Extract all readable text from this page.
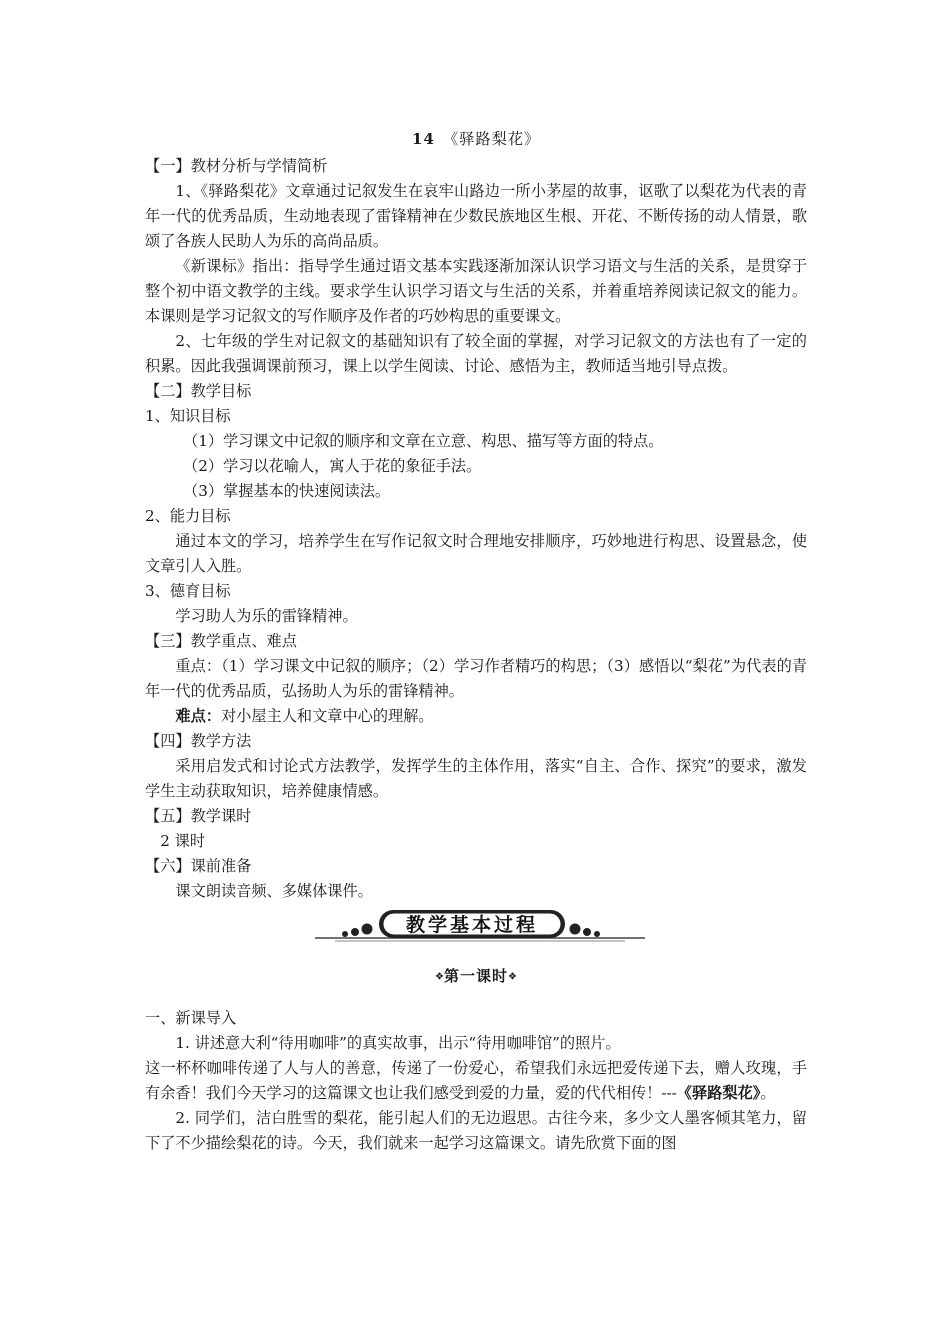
14 《驿路梨花》

【一】教材分析与学情简析

1、《驿路梨花》文章通过记叙发生在哀牢山路边一所小茅屋的故事，讴歌了以梨花为代表的青年一代的优秀品质，生动地表现了雷锋精神在少数民族地区生根、开花、不断传扬的动人情景，歌颂了各族人民助人为乐的高尚品质。

《新课标》指出：指导学生通过语文基本实践逐渐加深认识学习语文与生活的关系，是贯穿于整个初中语文教学的主线。要求学生认识学习语文与生活的关系，并着重培养阅读记叙文的能力。本课则是学习记叙文的写作顺序及作者的巧妙构思的重要课文。

2、七年级的学生对记叙文的基础知识有了较全面的掌握，对学习记叙文的方法也有了一定的积累。因此我强调课前预习，课上以学生阅读、讨论、感悟为主，教师适当地引导点拨。

【二】教学目标

1、知识目标

（1）学习课文中记叙的顺序和文章在立意、构思、描写等方面的特点。

（2）学习以花喻人，寓人于花的象征手法。

（3）掌握基本的快速阅读法。

2、能力目标

通过本文的学习，培养学生在写作记叙文时合理地安排顺序，巧妙地进行构思、设置悬念，使文章引人入胜。

3、德育目标

学习助人为乐的雷锋精神。

【三】教学重点、难点

重点：（1）学习课文中记叙的顺序；（2）学习作者精巧的构思；（3）感悟以“梨花”为代表的青年一代的优秀品质，弘扬助人为乐的雷锋精神。

难点：对小屋主人和文章中心的理解。

【四】教学方法

采用启发式和讨论式方法教学，发挥学生的主体作用，落实“自主、合作、探究”的要求，激发学生主动获取知识，培养健康情感。

【五】教学课时

2 课时

【六】课前准备

课文朗读音频、多媒体课件。

教学基本过程
❖第一课时❖

一、新课导入

1. 讲述意大利“待用咖啡”的真实故事，出示“待用咖啡馆”的照片。

这一杯杯咖啡传递了人与人的善意，传递了一份爱心，希望我们永远把爱传递下去，赠人玫瑰，手有余香！我们今天学习的这篇课文也让我们感受到爱的力量，爱的代代相传！---《驿路梨花》。

2. 同学们，洁白胜雪的梨花，能引起人们的无边遐思。古往今来，多少文人墨客倾其笔力，留下了不少描绘梨花的诗。今天，我们就来一起学习这篇课文。请先欣赏下面的图
